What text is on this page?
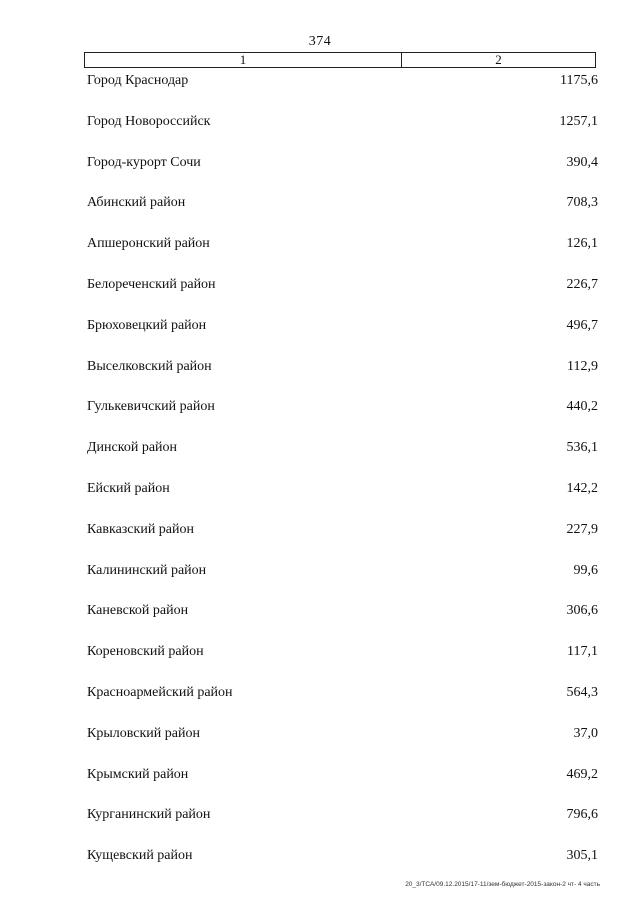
374
1	2
Город Краснодар	1175,6
Город Новороссийск	1257,1
Город-курорт Сочи	390,4
Абинский район	708,3
Апшеронский район	126,1
Белореченский район	226,7
Брюховецкий район	496,7
Выселковский район	112,9
Гулькевичский район	440,2
Динской район	536,1
Ейский район	142,2
Кавказский район	227,9
Калининский район	99,6
Каневской район	306,6
Кореновский район	117,1
Красноармейский район	564,3
Крыловский район	37,0
Крымский район	469,2
Курганинский район	796,6
Кущевский район	305,1
20_3/ТСА/09.12.2015/17-11/зем-бюджет-2015-закон-2 чт- 4 часть
